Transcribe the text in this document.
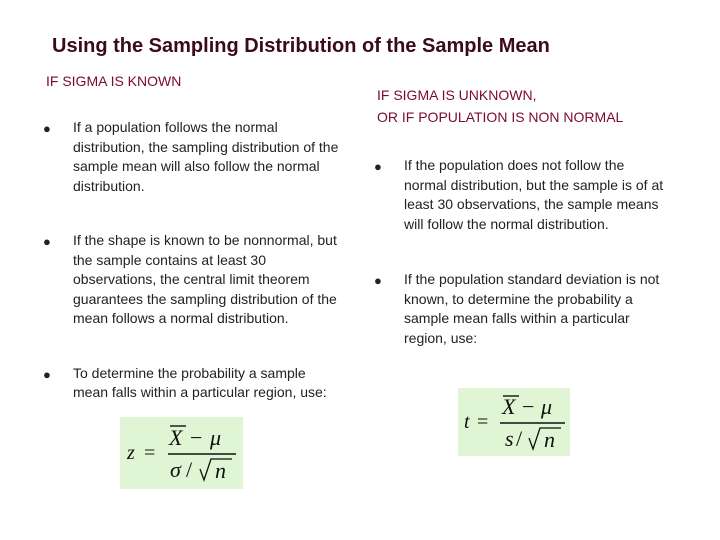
Using the Sampling Distribution of the Sample Mean
IF SIGMA IS KNOWN
● If a population follows the normal distribution, the sampling distribution of the sample mean will also follow the normal distribution.
● If the shape is known to be nonnormal, but the sample contains at least 30 observations, the central limit theorem guarantees the sampling distribution of the mean follows a normal distribution.
● To determine the probability a sample mean falls within a particular region, use:
z =
X − μ
σ / n
IF SIGMA IS UNKNOWN,
OR IF POPULATION IS NON NORMAL
● If the population does not follow the normal distribution, but the sample is of at least 30 observations, the sample means will follow the normal distribution.
● If the population standard deviation is not known, to determine the probability a sample mean falls within a particular region, use:
t =
X − μ
s / n
